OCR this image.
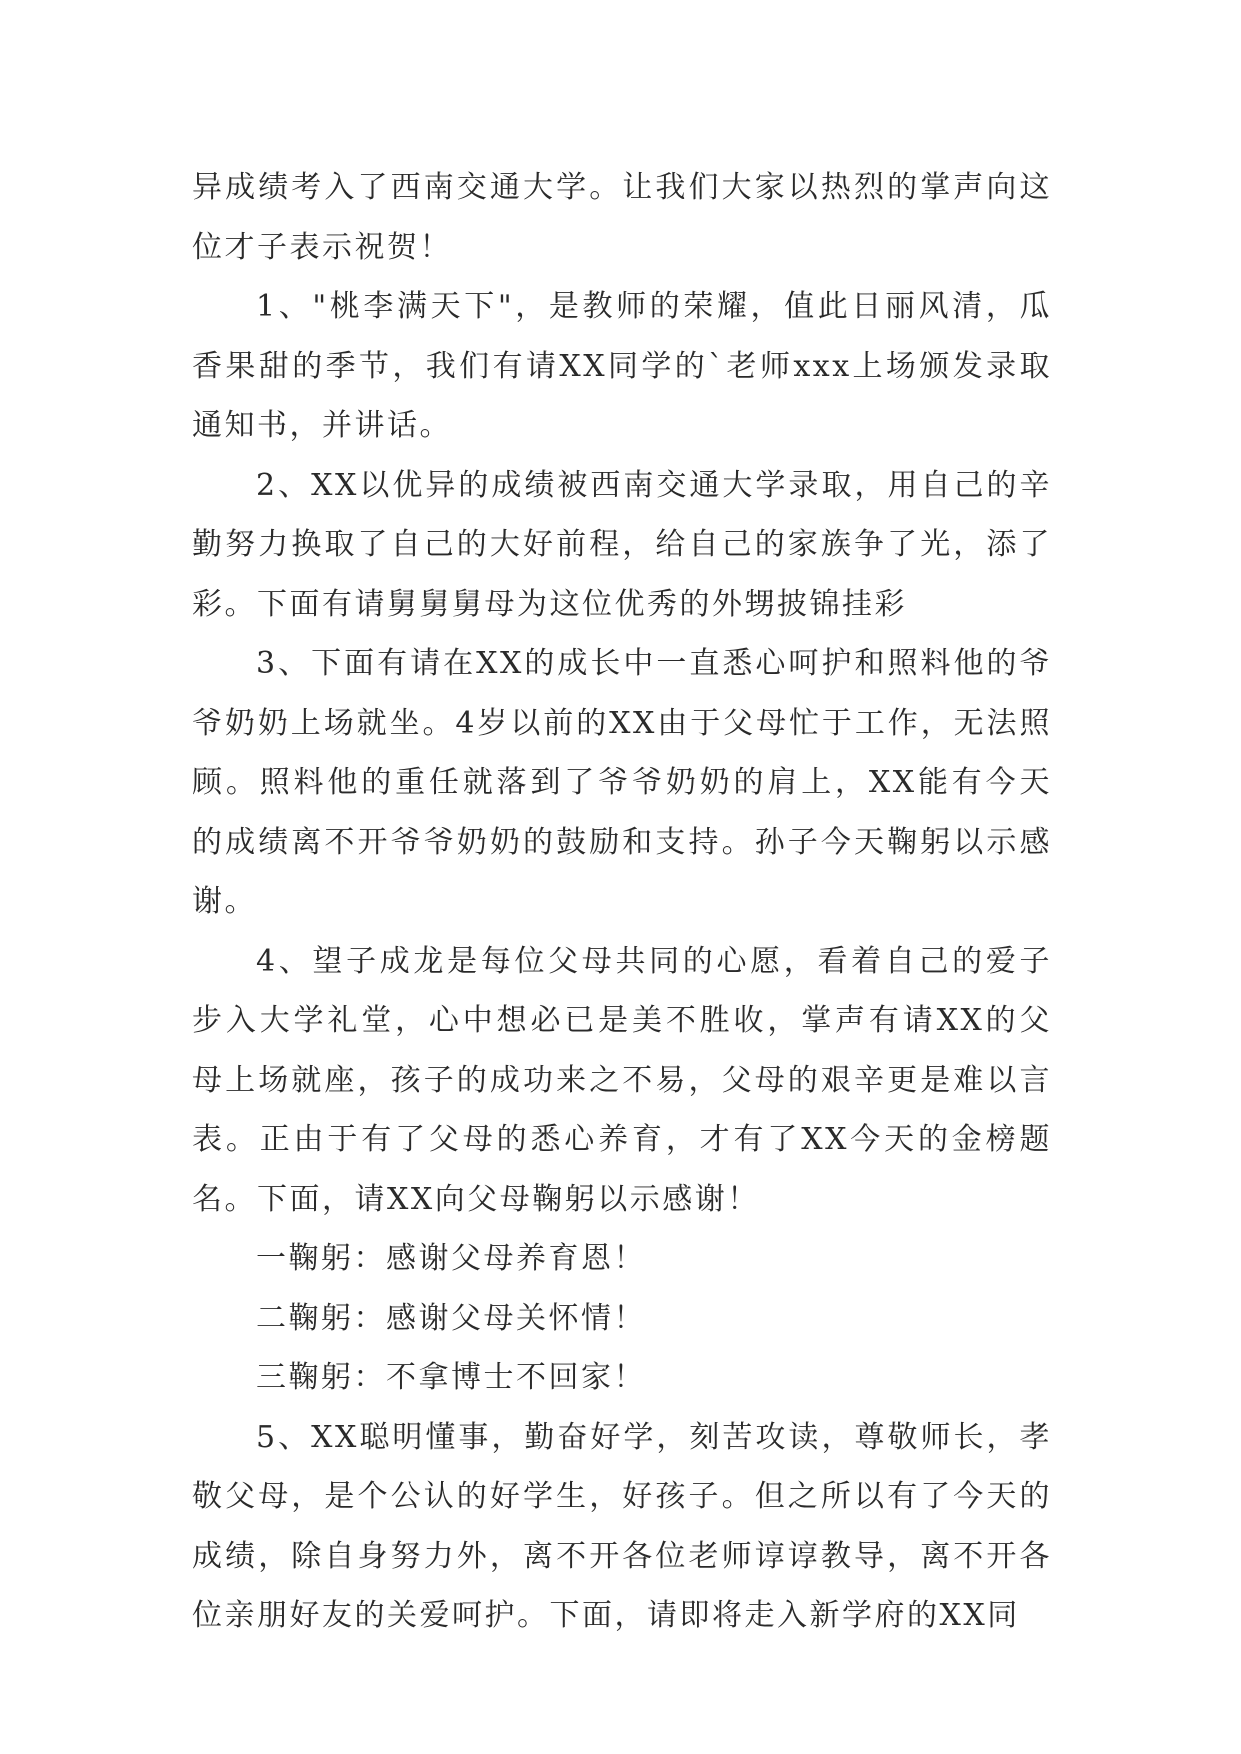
异成绩考入了西南交通大学。让我们大家以热烈的掌声向这位才子表示祝贺！

1、"桃李满天下"，是教师的荣耀，值此日丽风清，瓜香果甜的季节，我们有请XX同学的`老师xxx上场颁发录取通知书，并讲话。

2、XX以优异的成绩被西南交通大学录取，用自己的辛勤努力换取了自己的大好前程，给自己的家族争了光，添了彩。下面有请舅舅舅母为这位优秀的外甥披锦挂彩

3、下面有请在XX的成长中一直悉心呵护和照料他的爷爷奶奶上场就坐。4岁以前的XX由于父母忙于工作，无法照顾。照料他的重任就落到了爷爷奶奶的肩上，XX能有今天的成绩离不开爷爷奶奶的鼓励和支持。孙子今天鞠躬以示感谢。

4、望子成龙是每位父母共同的心愿，看着自己的爱子步入大学礼堂，心中想必已是美不胜收，掌声有请XX的父母上场就座，孩子的成功来之不易，父母的艰辛更是难以言表。正由于有了父母的悉心养育，才有了XX今天的金榜题名。下面，请XX向父母鞠躬以示感谢！

一鞠躬：感谢父母养育恩！

二鞠躬：感谢父母关怀情！

三鞠躬：不拿博士不回家！

5、XX聪明懂事，勤奋好学，刻苦攻读，尊敬师长，孝敬父母，是个公认的好学生，好孩子。但之所以有了今天的成绩，除自身努力外，离不开各位老师谆谆教导，离不开各位亲朋好友的关爱呵护。下面，请即将走入新学府的XX同
